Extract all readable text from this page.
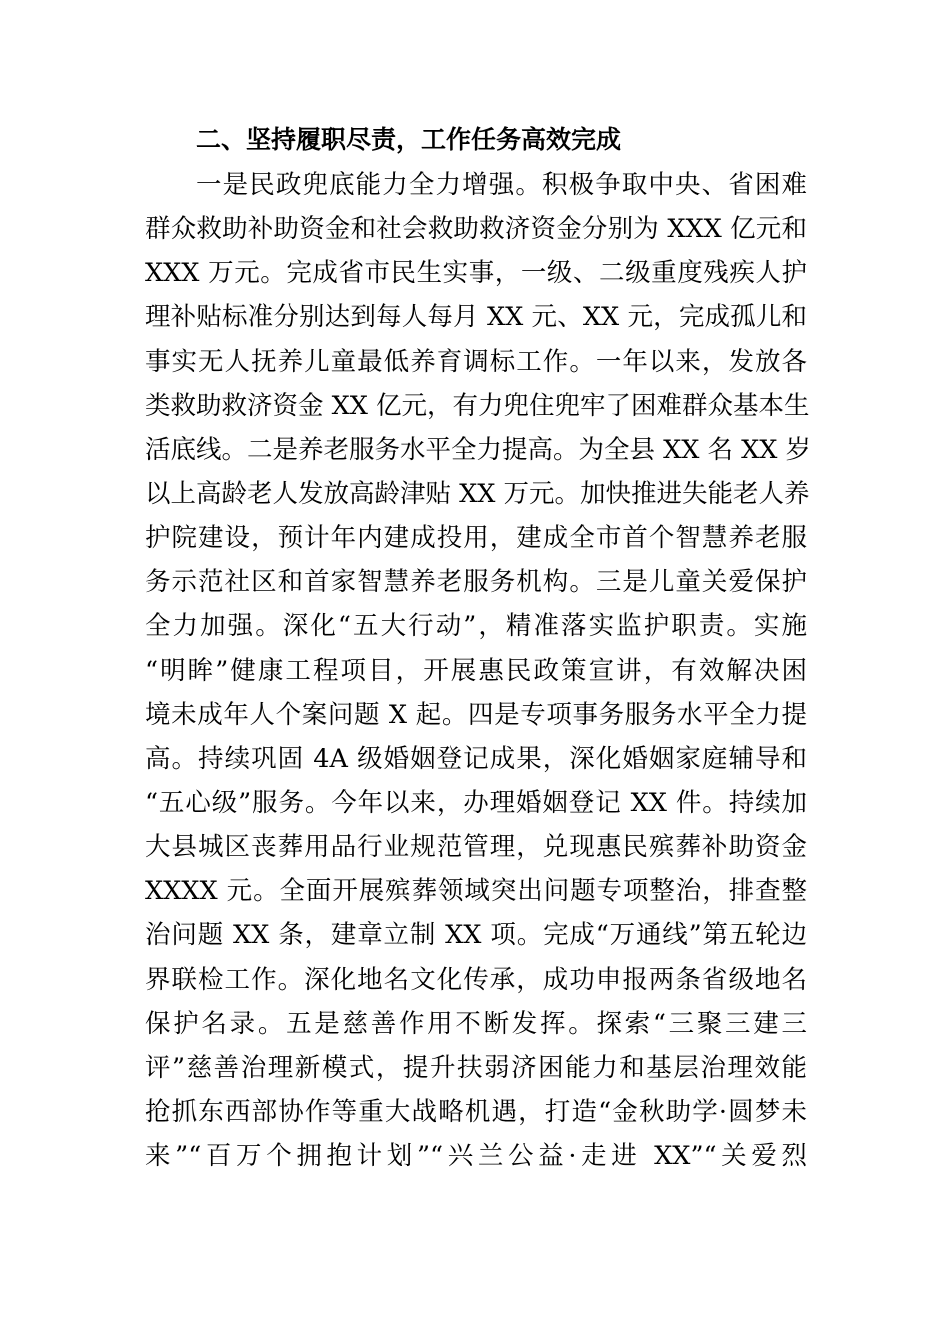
二、坚持履职尽责，工作任务高效完成
一是民政兜底能力全力增强。积极争取中央、省困难
群众救助补助资金和社会救助救济资金分别为 XXX 亿元和
XXX 万元。完成省市民生实事，一级、二级重度残疾人护
理补贴标准分别达到每人每月 XX 元、XX 元，完成孤儿和
事实无人抚养儿童最低养育调标工作。一年以来，发放各
类救助救济资金 XX 亿元，有力兜住兜牢了困难群众基本生
活底线。二是养老服务水平全力提高。为全县 XX 名 XX 岁
以上高龄老人发放高龄津贴 XX 万元。加快推进失能老人养
护院建设，预计年内建成投用，建成全市首个智慧养老服
务示范社区和首家智慧养老服务机构。三是儿童关爱保护
全力加强。深化“五大行动”，精准落实监护职责。实施
“明眸”健康工程项目，开展惠民政策宣讲，有效解决困
境未成年人个案问题 X 起。四是专项事务服务水平全力提
高。持续巩固 4A 级婚姻登记成果，深化婚姻家庭辅导和
“五心级”服务。今年以来，办理婚姻登记 XX 件。持续加
大县城区丧葬用品行业规范管理，兑现惠民殡葬补助资金
XXXX 元。全面开展殡葬领域突出问题专项整治，排查整
治问题 XX 条，建章立制 XX 项。完成“万通线”第五轮边
界联检工作。深化地名文化传承，成功申报两条省级地名
保护名录。五是慈善作用不断发挥。探索“三聚三建三
评”慈善治理新模式，提升扶弱济困能力和基层治理效能
抢抓东西部协作等重大战略机遇，打造“金秋助学·圆梦未
来”“百万个拥抱计划”“兴兰公益·走进 XX”“关爱烈
